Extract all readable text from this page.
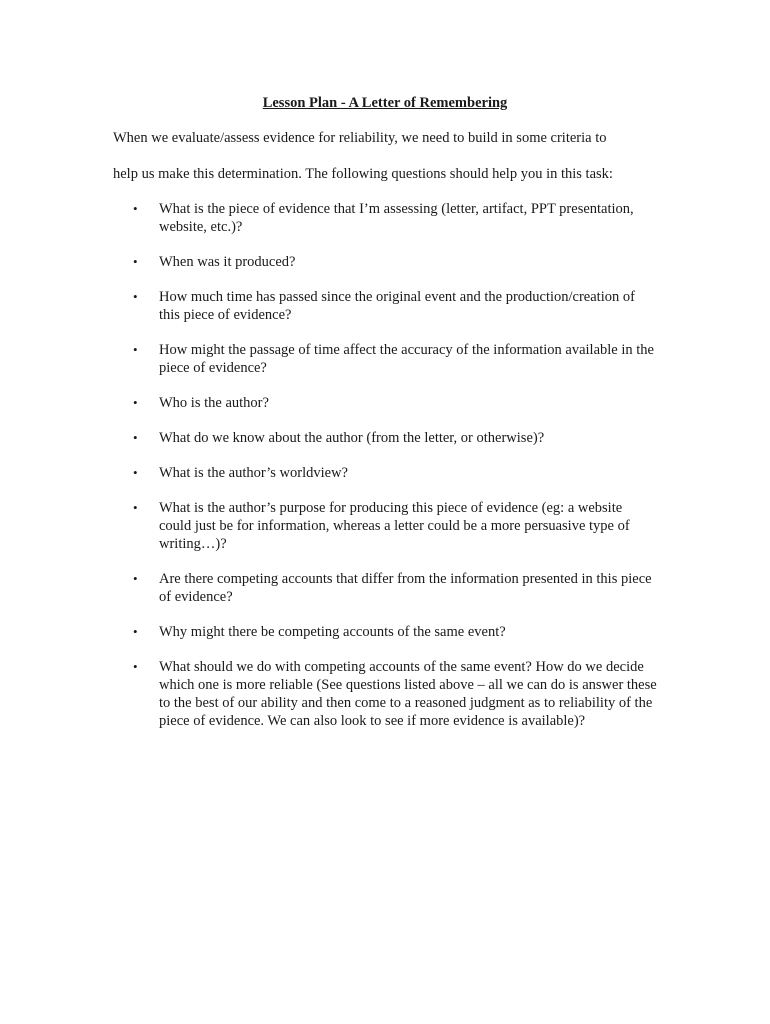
Lesson Plan - A Letter of Remembering

When we evaluate/assess evidence for reliability, we need to build in some criteria to

help us make this determination. The following questions should help you in this task:

• What is the piece of evidence that I’m assessing (letter, artifact, PPT presentation, website, etc.)?
• When was it produced?
• How much time has passed since the original event and the production/creation of this piece of evidence?
• How might the passage of time affect the accuracy of the information available in the piece of evidence?
• Who is the author?
• What do we know about the author (from the letter, or otherwise)?
• What is the author’s worldview?
• What is the author’s purpose for producing this piece of evidence (eg: a website could just be for information, whereas a letter could be a more persuasive type of writing…)?
• Are there competing accounts that differ from the information presented in this piece of evidence?
• Why might there be competing accounts of the same event?
• What should we do with competing accounts of the same event? How do we decide which one is more reliable (See questions listed above – all we can do is answer these to the best of our ability and then come to a reasoned judgment as to reliability of the piece of evidence. We can also look to see if more evidence is available)?
